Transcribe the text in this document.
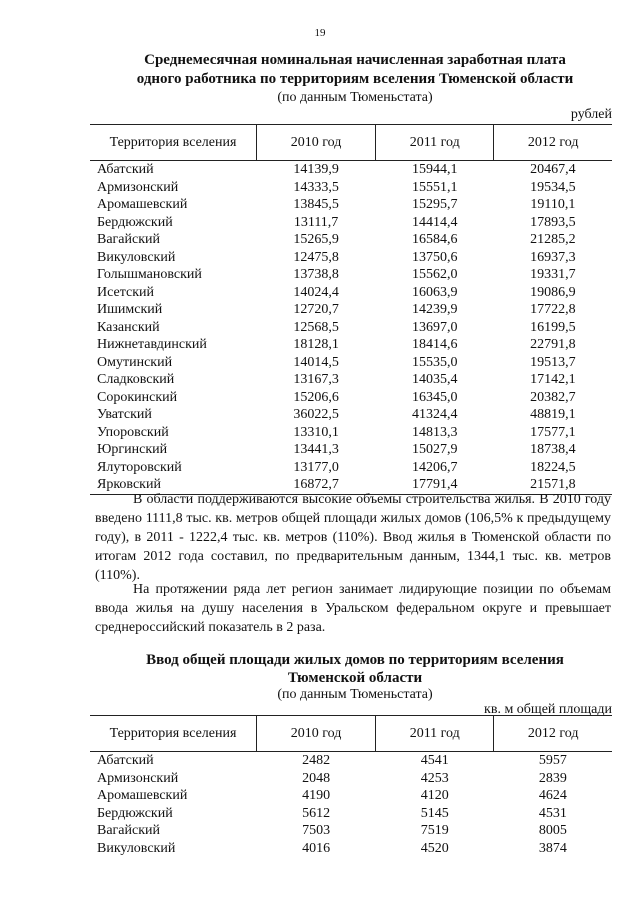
19
Среднемесячная номинальная начисленная заработная плата
одного работника по территориям вселения Тюменской области
(по данным Тюменьстата)
рублей
Территория вселения	2010 год	2011 год	2012 год
Абатский	14139,9	15944,1	20467,4
Армизонский	14333,5	15551,1	19534,5
Аромашевский	13845,5	15295,7	19110,1
Бердюжский	13111,7	14414,4	17893,5
Вагайский	15265,9	16584,6	21285,2
Викуловский	12475,8	13750,6	16937,3
Голышмановский	13738,8	15562,0	19331,7
Исетский	14024,4	16063,9	19086,9
Ишимский	12720,7	14239,9	17722,8
Казанский	12568,5	13697,0	16199,5
Нижнетавдинский	18128,1	18414,6	22791,8
Омутинский	14014,5	15535,0	19513,7
Сладковский	13167,3	14035,4	17142,1
Сорокинский	15206,6	16345,0	20382,7
Уватский	36022,5	41324,4	48819,1
Упоровский	13310,1	14813,3	17577,1
Юргинский	13441,3	15027,9	18738,4
Ялуторовский	13177,0	14206,7	18224,5
Ярковский	16872,7	17791,4	21571,8

В области поддерживаются высокие объемы строительства жилья. В 2010 году введено 1111,8 тыс. кв. метров общей площади жилых домов (106,5% к предыдущему году), в 2011 - 1222,4 тыс. кв. метров (110%). Ввод жилья в Тюменской области по итогам 2012 года составил, по предварительным данным, 1344,1 тыс. кв. метров (110%).

На протяжении ряда лет регион занимает лидирующие позиции по объемам ввода жилья на душу населения в Уральском федеральном округе и превышает среднероссийский показатель в 2 раза.

Ввод общей площади жилых домов по территориям вселения
Тюменской области
(по данным Тюменьстата)
кв. м общей площади
Территория вселения	2010 год	2011 год	2012 год
Абатский	2482	4541	5957
Армизонский	2048	4253	2839
Аромашевский	4190	4120	4624
Бердюжский	5612	5145	4531
Вагайский	7503	7519	8005
Викуловский	4016	4520	3874
